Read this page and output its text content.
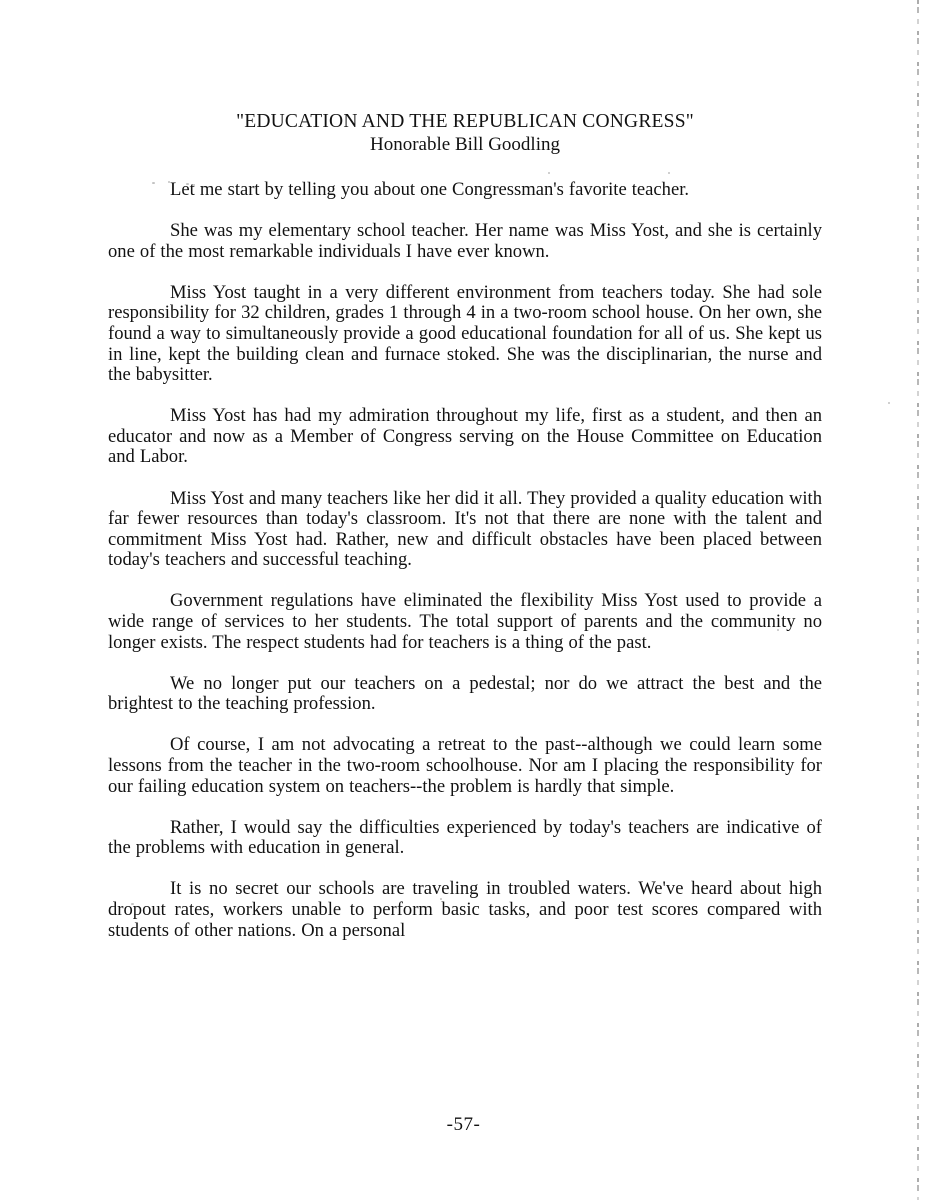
"EDUCATION AND THE REPUBLICAN CONGRESS"
Honorable Bill Goodling

Let me start by telling you about one Congressman's favorite teacher.

She was my elementary school teacher. Her name was Miss Yost, and she is certainly one of the most remarkable individuals I have ever known.

Miss Yost taught in a very different environment from teachers today. She had sole responsibility for 32 children, grades 1 through 4 in a two-room school house. On her own, she found a way to simultaneously provide a good educational foundation for all of us. She kept us in line, kept the building clean and furnace stoked. She was the disciplinarian, the nurse and the babysitter.

Miss Yost has had my admiration throughout my life, first as a student, and then an educator and now as a Member of Congress serving on the House Committee on Education and Labor.

Miss Yost and many teachers like her did it all. They provided a quality education with far fewer resources than today's classroom. It's not that there are none with the talent and commitment Miss Yost had. Rather, new and difficult obstacles have been placed between today's teachers and successful teaching.

Government regulations have eliminated the flexibility Miss Yost used to provide a wide range of services to her students. The total support of parents and the community no longer exists. The respect students had for teachers is a thing of the past.

We no longer put our teachers on a pedestal; nor do we attract the best and the brightest to the teaching profession.

Of course, I am not advocating a retreat to the past--although we could learn some lessons from the teacher in the two-room schoolhouse. Nor am I placing the responsibility for our failing education system on teachers--the problem is hardly that simple.

Rather, I would say the difficulties experienced by today's teachers are indicative of the problems with education in general.

It is no secret our schools are traveling in troubled waters. We've heard about high dropout rates, workers unable to perform basic tasks, and poor test scores compared with students of other nations. On a personal

-57-
